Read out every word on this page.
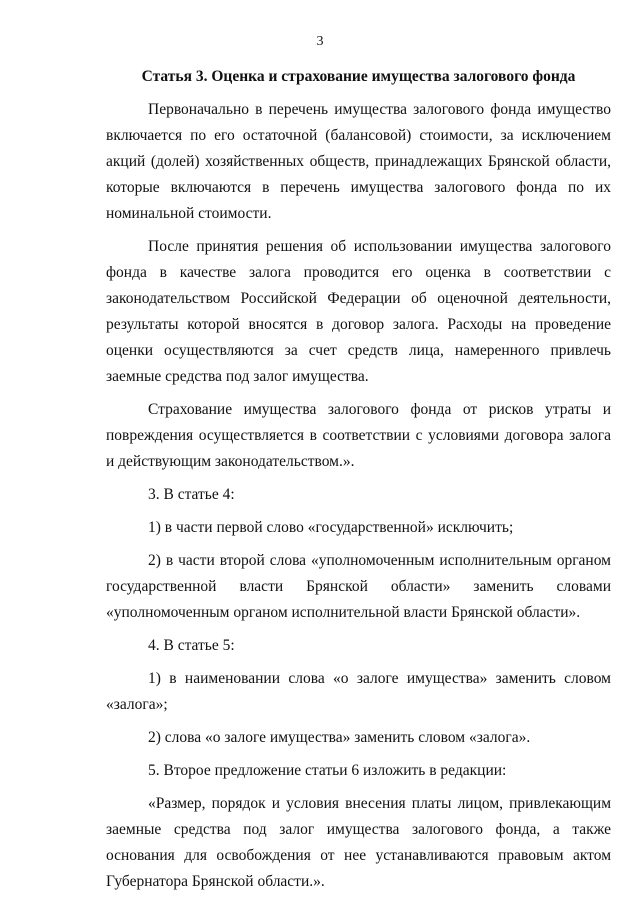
3
Статья 3. Оценка и страхование имущества залогового фонда
Первоначально в перечень имущества залогового фонда имущество включается по его остаточной (балансовой) стоимости, за исключением акций (долей) хозяйственных обществ, принадлежащих Брянской области, которые включаются в перечень имущества залогового фонда по их номинальной стоимости.
После принятия решения об использовании имущества залогового фонда в качестве залога проводится его оценка в соответствии с законодательством Российской Федерации об оценочной деятельности, результаты которой вносятся в договор залога. Расходы на проведение оценки осуществляются за счет средств лица, намеренного привлечь заемные средства под залог имущества.
Страхование имущества залогового фонда от рисков утраты и повреждения осуществляется в соответствии с условиями договора залога и действующим законодательством.».
3. В статье 4:
1) в части первой слово «государственной» исключить;
2) в части второй слова «уполномоченным исполнительным органом государственной власти Брянской области» заменить словами «уполномоченным органом исполнительной власти Брянской области».
4. В статье 5:
1) в наименовании слова «о залоге имущества» заменить словом «залога»;
2) слова «о залоге имущества» заменить словом «залога».
5. Второе предложение статьи 6 изложить в редакции:
«Размер, порядок и условия внесения платы лицом, привлекающим заемные средства под залог имущества залогового фонда, а также основания для освобождения от нее устанавливаются правовым актом Губернатора Брянской области.».
